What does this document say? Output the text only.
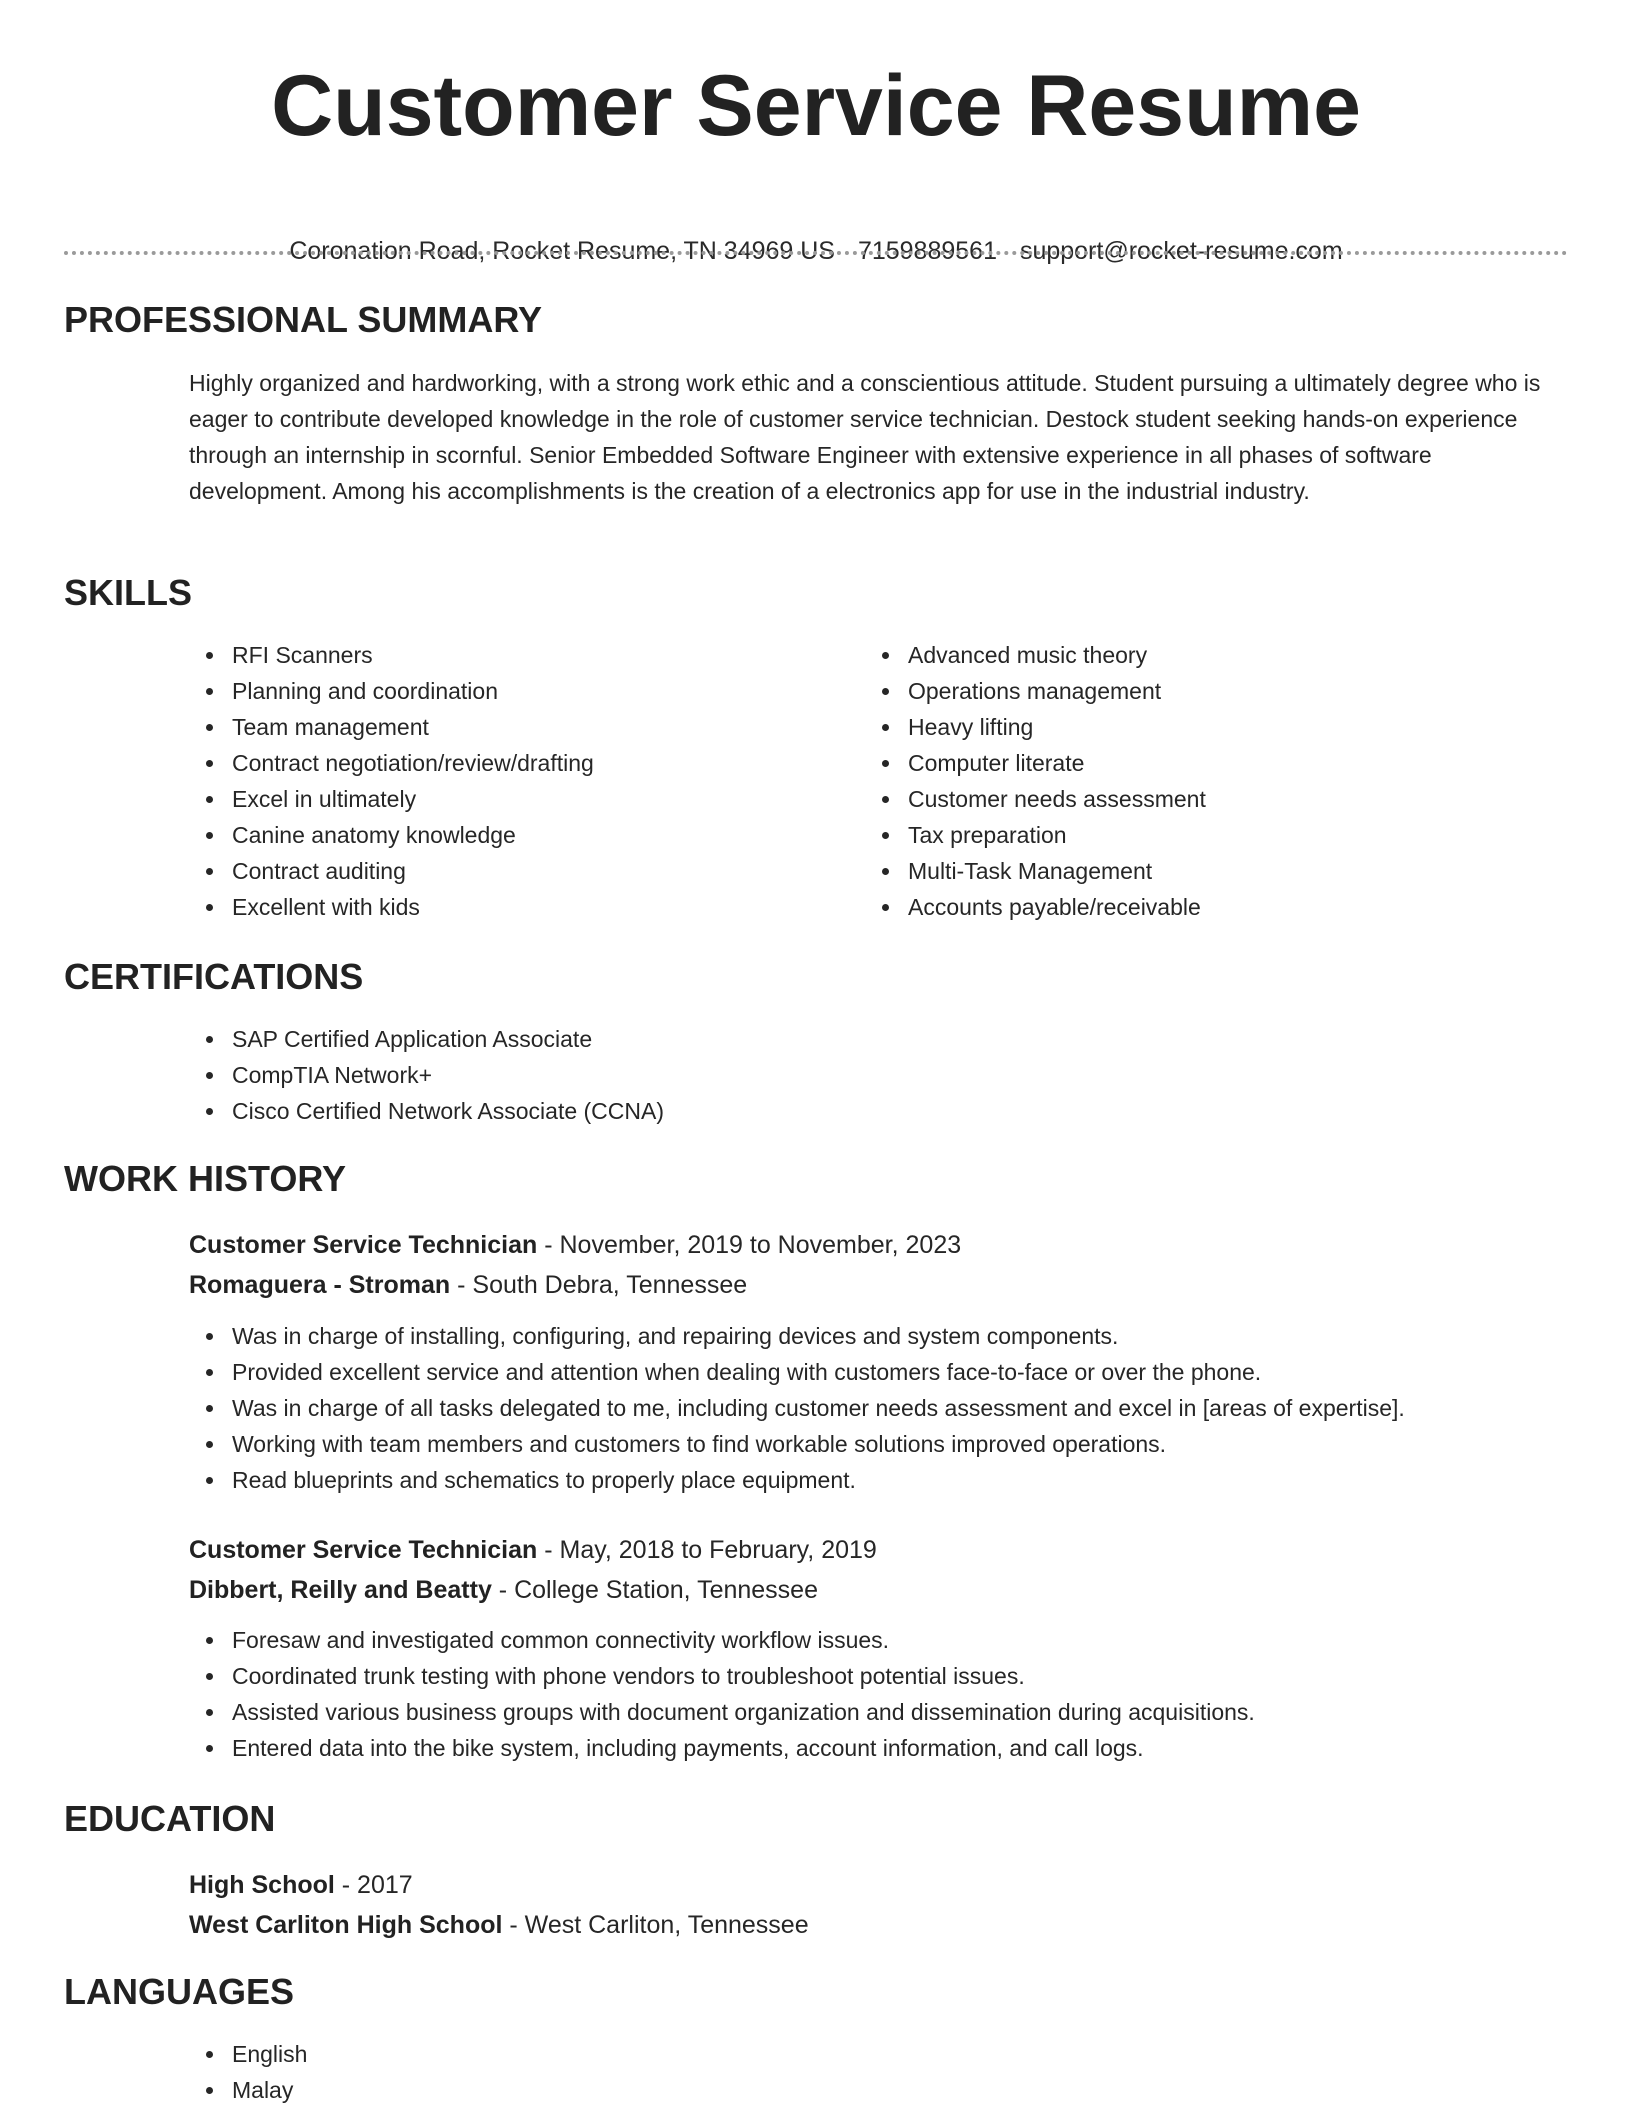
Customer Service Resume
Coronation Road, Rocket Resume, TN 34969 US 7159889561 support@rocket-resume.com
PROFESSIONAL SUMMARY

Highly organized and hardworking, with a strong work ethic and a conscientious attitude. Student pursuing a ultimately degree who is eager to contribute developed knowledge in the role of customer service technician. Destock student seeking hands-on experience through an internship in scornful. Senior Embedded Software Engineer with extensive experience in all phases of software development. Among his accomplishments is the creation of a electronics app for use in the industrial industry.

SKILLS
RFI Scanners
Planning and coordination
Team management
Contract negotiation/review/drafting
Excel in ultimately
Canine anatomy knowledge
Contract auditing
Excellent with kids
Advanced music theory
Operations management
Heavy lifting
Computer literate
Customer needs assessment
Tax preparation
Multi-Task Management
Accounts payable/receivable
CERTIFICATIONS
SAP Certified Application Associate
CompTIA Network+
Cisco Certified Network Associate (CCNA)
WORK HISTORY
Customer Service Technician - November, 2019 to November, 2023
Romaguera - Stroman - South Debra, Tennessee
Was in charge of installing, configuring, and repairing devices and system components.
Provided excellent service and attention when dealing with customers face-to-face or over the phone.
Was in charge of all tasks delegated to me, including customer needs assessment and excel in [areas of expertise].
Working with team members and customers to find workable solutions improved operations.
Read blueprints and schematics to properly place equipment.
Customer Service Technician - May, 2018 to February, 2019
Dibbert, Reilly and Beatty - College Station, Tennessee
Foresaw and investigated common connectivity workflow issues.
Coordinated trunk testing with phone vendors to troubleshoot potential issues.
Assisted various business groups with document organization and dissemination during acquisitions.
Entered data into the bike system, including payments, account information, and call logs.
EDUCATION
High School - 2017
West Carliton High School - West Carliton, Tennessee
LANGUAGES
English
Malay
